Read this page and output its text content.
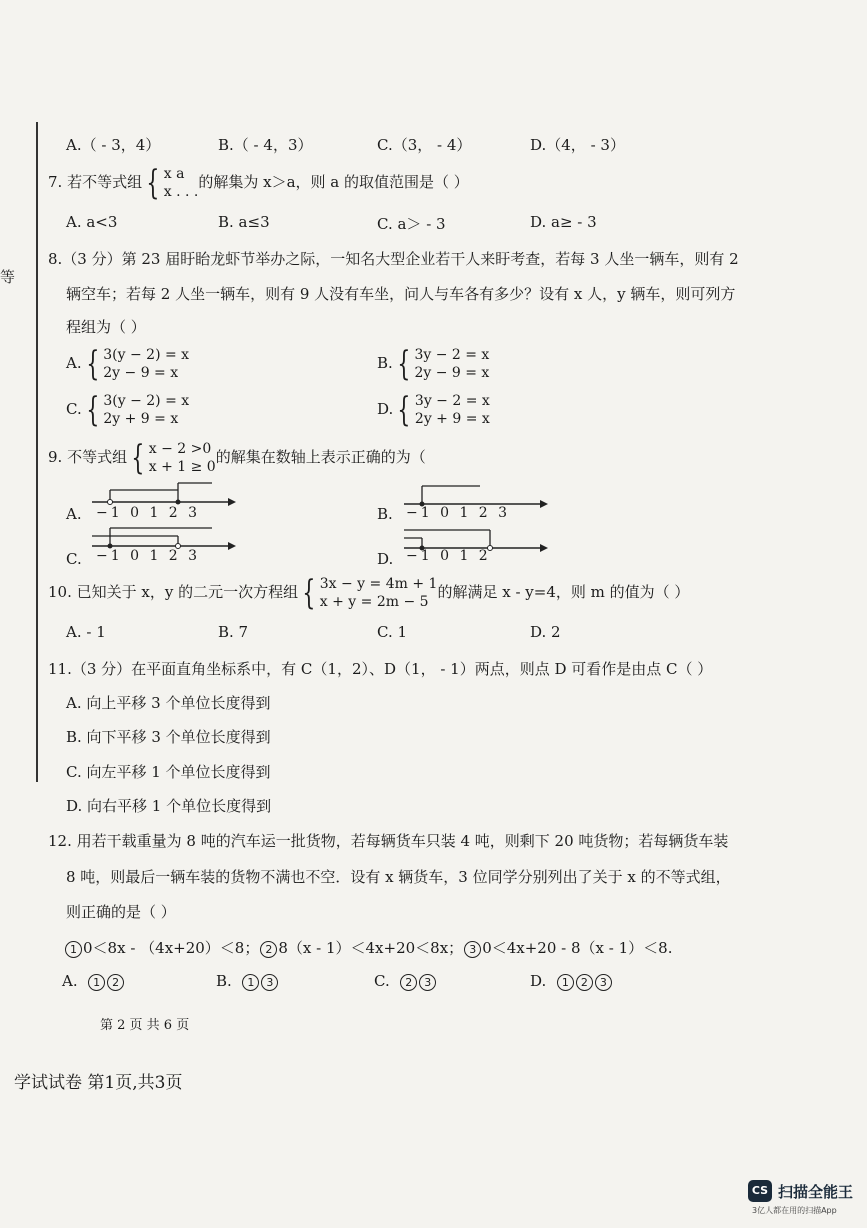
等
A.（ - 3，4）	B.（ - 4，3）	C.（3， - 4）	D.（4， - 3）
7. 若不等式组 { x a
x . . .
的解集为 x＞a，则 a 的取值范围是（ ）
A. a<3	B. a≤3	C. a＞ - 3	D. a≥ - 3
8.（3 分）第 23 届盱眙龙虾节举办之际，一知名大型企业若干人来盱考查，若每 3 人坐一辆车，则有 2
辆空车；若每 2 人坐一辆车，则有 9 人没有车坐，问人与车各有多少？设有 x 人，y 辆车，则可列方
程组为（ ）
A. { 3(y − 2) = x
2y − 9 = x
B. { 3y − 2 = x
2y − 9 = x
C. { 3(y − 2) = x
2y + 9 = x
D. { 3y − 2 = x
2y + 9 = x
9. 不等式组 { x − 2 >0
x + 1 ≥ 0
的解集在数轴上表示正确的为（
A. −1 0 1 2 3	B. −1 0 1 2 3
C. −1 0 1 2 3	D. −1 0 1 2
10. 已知关于 x，y 的二元一次方程组 { 3x − y = 4m + 1
x + y = 2m − 5
的解满足 x - y=4，则 m 的值为（ ）
A. - 1	B. 7	C. 1	D. 2
11.（3 分）在平面直角坐标系中，有 C（1，2）、D（1， - 1）两点，则点 D 可看作是由点 C（ ）
A. 向上平移 3 个单位长度得到
B. 向下平移 3 个单位长度得到
C. 向左平移 1 个单位长度得到
D. 向右平移 1 个单位长度得到
12. 用若干载重量为 8 吨的汽车运一批货物，若每辆货车只装 4 吨，则剩下 20 吨货物；若每辆货车装
8 吨，则最后一辆车装的货物不满也不空．设有 x 辆货车，3 位同学分别列出了关于 x 的不等式组，
则正确的是（ ）
1 0＜8x - （4x+20）＜8； 2 8（x - 1）＜4x+20＜8x； 3 0＜4x+20 - 8（x - 1）＜8.
A. 1 2	B. 1 3	C. 2 3	D. 1 2 3
第 2 页 共 6 页
学试试卷 第1页,共3页
CS 扫描全能王
3亿人都在用的扫描App
